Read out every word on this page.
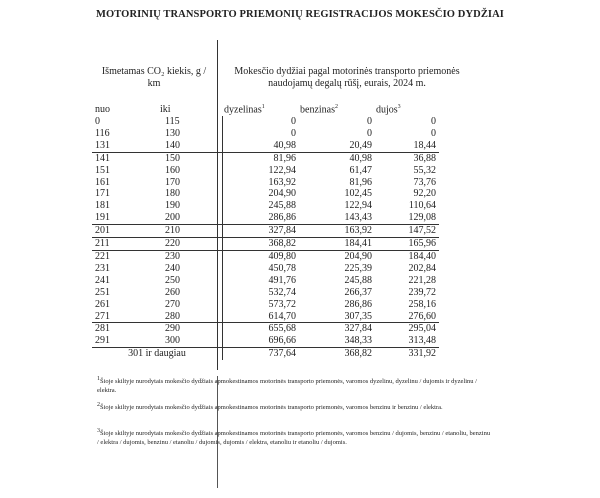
MOTORINIŲ TRANSPORTO PRIEMONIŲ REGISTRACIJOS MOKESČIO DYDŽIAI
Išmetamas CO₂ kiekis, g /
km
Mokesčio dydžiai pagal motorinės transporto priemonės
naudojamų degalų rūšį, eurais, 2024 m.
nuo	iki	dyzelinas$^1$	benzinas$^2$	dujos$^3$
0	115	0	0	0
116	130	0	0	0
131	140	40,98	20,49	18,44
141	150	81,96	40,98	36,88
151	160	122,94	61,47	55,32
161	170	163,92	81,96	73,76
171	180	204,90	102,45	92,20
181	190	245,88	122,94	110,64
191	200	286,86	143,43	129,08
201	210	327,84	163,92	147,52
211	220	368,82	184,41	165,96
221	230	409,80	204,90	184,40
231	240	450,78	225,39	202,84
241	250	491,76	245,88	221,28
251	260	532,74	266,37	239,72
261	270	573,72	286,86	258,16
271	280	614,70	307,35	276,60
281	290	655,68	327,84	295,04
291	300	696,66	348,33	313,48
301 ir daugiau		737,64	368,82	331,92
$^1$Šioje skiltyje nurodytais mokesčio dydžiais apmokestinamos motorinės transporto priemonės, varomos dyzelinu, dyzelinu / dujomis ir dyzelinu / elektra.
$^2$Šioje skiltyje nurodytais mokesčio dydžiais apmokestinamos motorinės transporto priemonės, varomos benzinu ir benzinu / elektra.
$^3$Šioje skiltyje nurodytais mokesčio dydžiais apmokestinamos motorinės transporto priemonės, varomos benzinu / dujomis, benzinu / etanoliu, benzinu / elektra / dujomis, benzinu / etanoliu / dujomis, dujomis / elektra, etanoliu ir etanoliu / dujomis.
